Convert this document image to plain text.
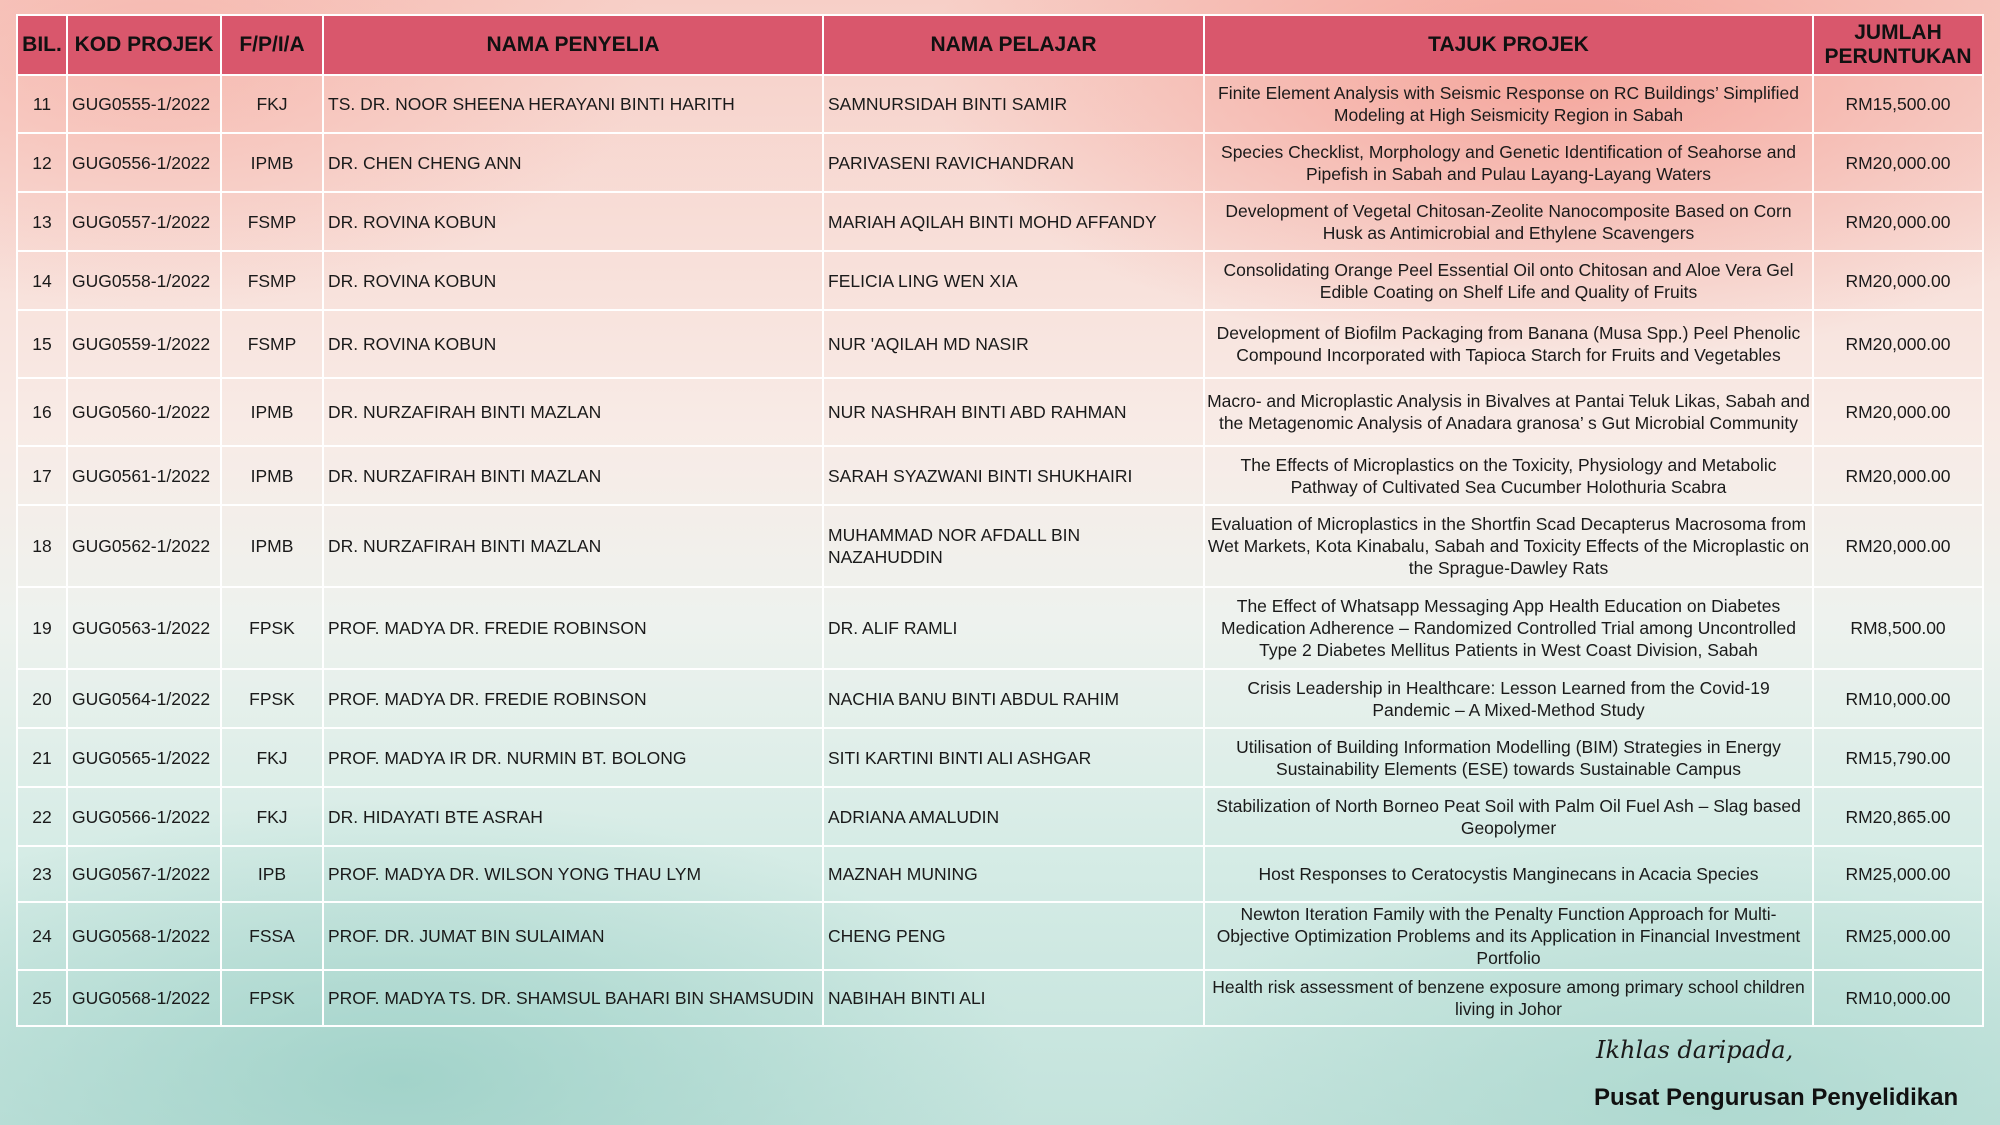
BIL.	KOD PROJEK	F/P/I/A	NAMA PENYELIA	NAMA PELAJAR	TAJUK PROJEK	JUMLAH PERUNTUKAN
11	GUG0555-1/2022	FKJ	TS. DR. NOOR SHEENA HERAYANI BINTI HARITH	SAMNURSIDAH BINTI SAMIR	Finite Element Analysis with Seismic Response on RC Buildings’ Simplified Modeling at High Seismicity Region in Sabah	RM15,500.00
12	GUG0556-1/2022	IPMB	DR. CHEN CHENG ANN	PARIVASENI RAVICHANDRAN	Species Checklist, Morphology and Genetic Identification of Seahorse and Pipefish in Sabah and Pulau Layang-Layang Waters	RM20,000.00
13	GUG0557-1/2022	FSMP	DR. ROVINA KOBUN	MARIAH AQILAH BINTI MOHD AFFANDY	Development of Vegetal Chitosan-Zeolite Nanocomposite Based on Corn Husk as Antimicrobial and Ethylene Scavengers	RM20,000.00
14	GUG0558-1/2022	FSMP	DR. ROVINA KOBUN	FELICIA LING WEN XIA	Consolidating Orange Peel Essential Oil onto Chitosan and Aloe Vera Gel Edible Coating on Shelf Life and Quality of Fruits	RM20,000.00
15	GUG0559-1/2022	FSMP	DR. ROVINA KOBUN	NUR 'AQILAH MD NASIR	Development of Biofilm Packaging from Banana (Musa Spp.) Peel Phenolic Compound Incorporated with Tapioca Starch for Fruits and Vegetables	RM20,000.00
16	GUG0560-1/2022	IPMB	DR. NURZAFIRAH BINTI MAZLAN	NUR NASHRAH BINTI ABD RAHMAN	Macro- and Microplastic Analysis in Bivalves at Pantai Teluk Likas, Sabah and the Metagenomic Analysis of Anadara granosa’ s Gut Microbial Community	RM20,000.00
17	GUG0561-1/2022	IPMB	DR. NURZAFIRAH BINTI MAZLAN	SARAH SYAZWANI BINTI SHUKHAIRI	The Effects of Microplastics on the Toxicity, Physiology and Metabolic Pathway of Cultivated Sea Cucumber Holothuria Scabra	RM20,000.00
18	GUG0562-1/2022	IPMB	DR. NURZAFIRAH BINTI MAZLAN	MUHAMMAD NOR AFDALL BIN NAZAHUDDIN	Evaluation of Microplastics in the Shortfin Scad Decapterus Macrosoma from Wet Markets, Kota Kinabalu, Sabah and Toxicity Effects of the Microplastic on the Sprague-Dawley Rats	RM20,000.00
19	GUG0563-1/2022	FPSK	PROF. MADYA DR. FREDIE ROBINSON	DR. ALIF RAMLI	The Effect of Whatsapp Messaging App Health Education on Diabetes Medication Adherence – Randomized Controlled Trial among Uncontrolled Type 2 Diabetes Mellitus Patients in West Coast Division, Sabah	RM8,500.00
20	GUG0564-1/2022	FPSK	PROF. MADYA DR. FREDIE ROBINSON	NACHIA BANU BINTI ABDUL RAHIM	Crisis Leadership in Healthcare: Lesson Learned from the Covid-19 Pandemic – A Mixed-Method Study	RM10,000.00
21	GUG0565-1/2022	FKJ	PROF. MADYA IR DR. NURMIN BT. BOLONG	SITI KARTINI BINTI ALI ASHGAR	Utilisation of Building Information Modelling (BIM) Strategies in Energy Sustainability Elements (ESE) towards Sustainable Campus	RM15,790.00
22	GUG0566-1/2022	FKJ	DR. HIDAYATI BTE ASRAH	ADRIANA AMALUDIN	Stabilization of North Borneo Peat Soil with Palm Oil Fuel Ash – Slag based Geopolymer	RM20,865.00
23	GUG0567-1/2022	IPB	PROF. MADYA DR. WILSON YONG THAU LYM	MAZNAH MUNING	Host Responses to Ceratocystis Manginecans in Acacia Species	RM25,000.00
24	GUG0568-1/2022	FSSA	PROF. DR. JUMAT BIN SULAIMAN	CHENG PENG	Newton Iteration Family with the Penalty Function Approach for Multi-Objective Optimization Problems and its Application in Financial Investment Portfolio	RM25,000.00
25	GUG0568-1/2022	FPSK	PROF. MADYA TS. DR. SHAMSUL BAHARI BIN SHAMSUDIN	NABIHAH BINTI ALI	Health risk assessment of benzene exposure among primary school children living in Johor	RM10,000.00
Ikhlas daripada,
Pusat Pengurusan Penyelidikan
